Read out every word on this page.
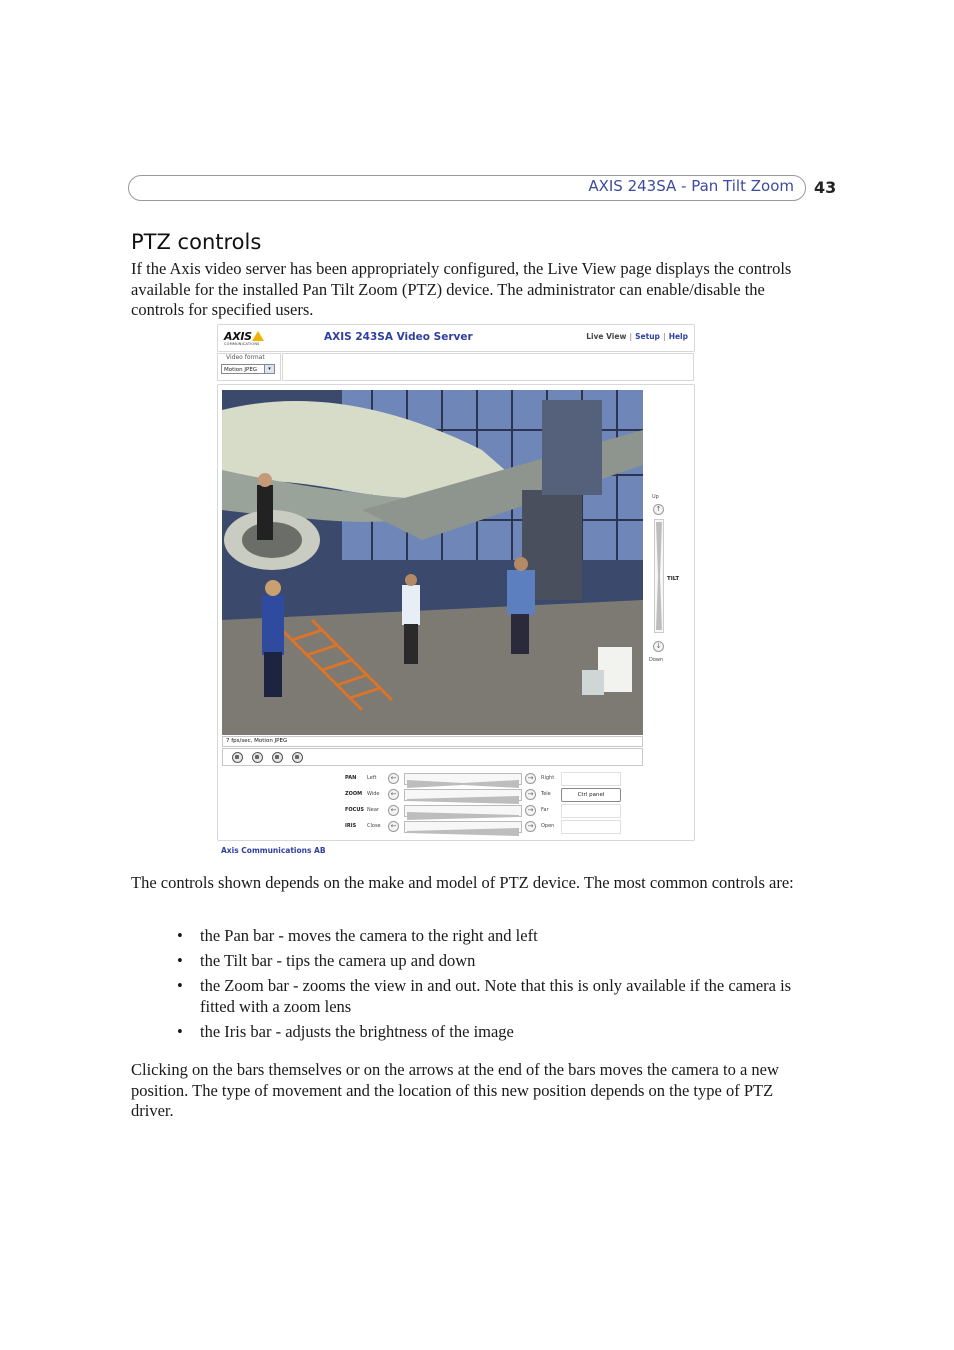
AXIS 243SA - Pan Tilt Zoom 43
PTZ controls

If the Axis video server has been appropriately configured, the Live View page displays the controls available for the installed Pan Tilt Zoom (PTZ) device. The administrator can enable/disable the controls for specified users.

AXIS
COMMUNICATIONS
AXIS 243SA Video Server	Live View | Setup | Help
Video format
Motion JPEG	▾
7 fps/sec, Motion JPEG
Up
↑
TILT
↓
Down
PAN Left	←	→	Right
ZOOM Wide	←	→	Tele
FOCUS Near	←	→	Far
IRIS Close	←	→	Open
Ctrl panel
Axis Communications AB

The controls shown depends on the make and model of PTZ device. The most common controls are:

• the Pan bar - moves the camera to the right and left
• the Tilt bar - tips the camera up and down
• the Zoom bar - zooms the view in and out. Note that this is only available if the camera is fitted with a zoom lens
• the Iris bar - adjusts the brightness of the image

Clicking on the bars themselves or on the arrows at the end of the bars moves the camera to a new position. The type of movement and the location of this new position depends on the type of PTZ driver.
